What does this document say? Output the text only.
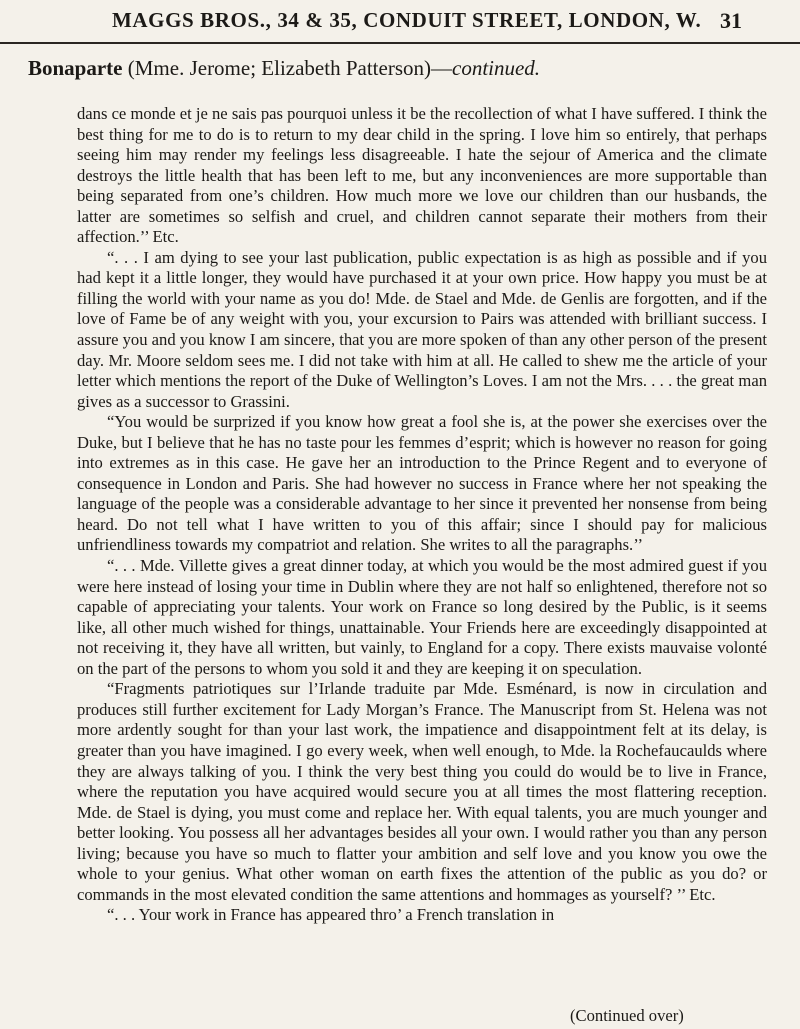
MAGGS BROS., 34 & 35, CONDUIT STREET, LONDON, W. 31
Bonaparte (Mme. Jerome; Elizabeth Patterson)—continued.

dans ce monde et je ne sais pas pourquoi unless it be the recollection of what I have suffered. I think the best thing for me to do is to return to my dear child in the spring. I love him so entirely, that perhaps seeing him may render my feelings less disagreeable. I hate the sejour of America and the climate destroys the little health that has been left to me, but any inconveniences are more supportable than being separated from one’s children. How much more we love our children than our husbands, the latter are sometimes so selfish and cruel, and children cannot separate their mothers from their affection.’’ Etc.

“. . . I am dying to see your last publication, public expectation is as high as possible and if you had kept it a little longer, they would have purchased it at your own price. How happy you must be at filling the world with your name as you do! Mde. de Stael and Mde. de Genlis are forgotten, and if the love of Fame be of any weight with you, your excursion to Pairs was attended with brilliant success. I assure you and you know I am sincere, that you are more spoken of than any other person of the present day. Mr. Moore seldom sees me. I did not take with him at all. He called to shew me the article of your letter which mentions the report of the Duke of Wellington’s Loves. I am not the Mrs. . . . the great man gives as a successor to Grassini.

“You would be surprized if you know how great a fool she is, at the power she exercises over the Duke, but I believe that he has no taste pour les femmes d’esprit; which is however no reason for going into extremes as in this case. He gave her an introduction to the Prince Regent and to everyone of consequence in London and Paris. She had however no success in France where her not speaking the language of the people was a considerable advantage to her since it prevented her nonsense from being heard. Do not tell what I have written to you of this affair; since I should pay for malicious unfriendliness towards my compatriot and relation. She writes to all the paragraphs.’’

“. . . Mde. Villette gives a great dinner today, at which you would be the most admired guest if you were here instead of losing your time in Dublin where they are not half so enlightened, therefore not so capable of appreciating your talents. Your work on France so long desired by the Public, is it seems like, all other much wished for things, unattainable. Your Friends here are exceedingly disappointed at not receiving it, they have all written, but vainly, to England for a copy. There exists mauvaise volonté on the part of the persons to whom you sold it and they are keeping it on speculation.

“Fragments patriotiques sur l’Irlande traduite par Mde. Esménard, is now in circulation and produces still further excitement for Lady Morgan’s France. The Manuscript from St. Helena was not more ardently sought for than your last work, the impatience and disappointment felt at its delay, is greater than you have imagined. I go every week, when well enough, to Mde. la Rochefaucaulds where they are always talking of you. I think the very best thing you could do would be to live in France, where the reputation you have acquired would secure you at all times the most flattering reception. Mde. de Stael is dying, you must come and replace her. With equal talents, you are much younger and better looking. You possess all her advantages besides all your own. I would rather you than any person living; because you have so much to flatter your ambition and self love and you know you owe the whole to your genius. What other woman on earth fixes the attention of the public as you do? or commands in the most elevated condition the same attentions and hommages as yourself? ’’ Etc.

“. . . Your work in France has appeared thro’ a French translation in

(Continued over)
